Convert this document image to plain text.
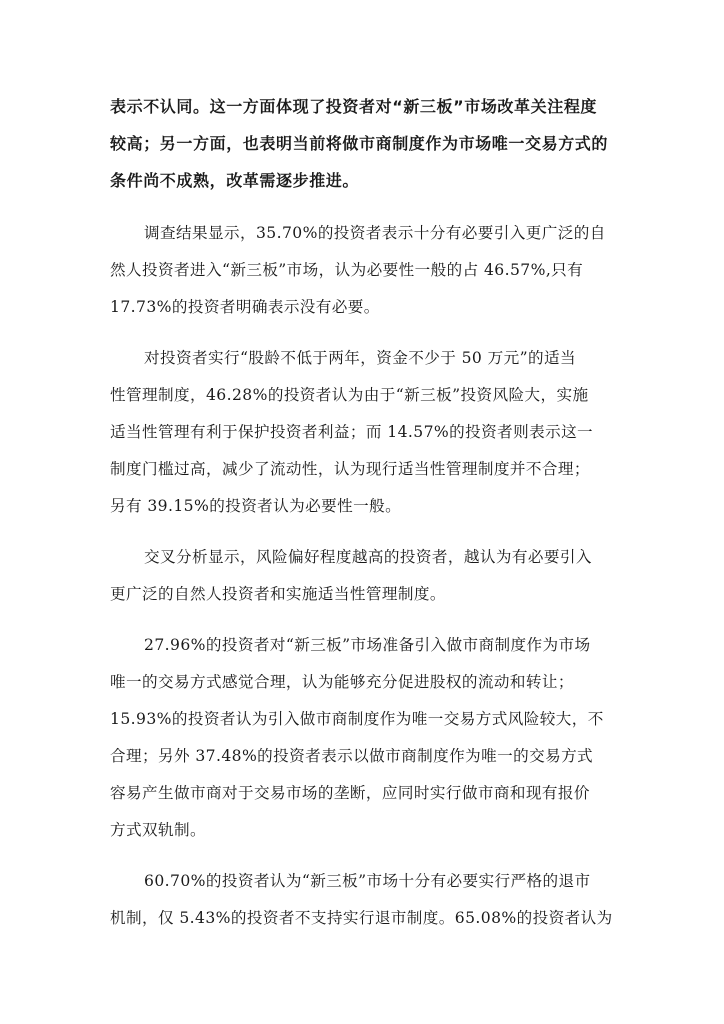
表示不认同。这一方面体现了投资者对“新三板”市场改革关注程度
较高；另一方面，也表明当前将做市商制度作为市场唯一交易方式的
条件尚不成熟，改革需逐步推进。
调查结果显示，35.70%的投资者表示十分有必要引入更广泛的自
然人投资者进入“新三板”市场，认为必要性一般的占 46.57%,只有
17.73%的投资者明确表示没有必要。
对投资者实行“股龄不低于两年，资金不少于 50 万元”的适当
性管理制度，46.28%的投资者认为由于“新三板”投资风险大，实施
适当性管理有利于保护投资者利益；而 14.57%的投资者则表示这一
制度门槛过高，减少了流动性，认为现行适当性管理制度并不合理；
另有 39.15%的投资者认为必要性一般。
交叉分析显示，风险偏好程度越高的投资者，越认为有必要引入
更广泛的自然人投资者和实施适当性管理制度。
27.96%的投资者对“新三板”市场准备引入做市商制度作为市场
唯一的交易方式感觉合理，认为能够充分促进股权的流动和转让；
15.93%的投资者认为引入做市商制度作为唯一交易方式风险较大，不
合理；另外 37.48%的投资者表示以做市商制度作为唯一的交易方式
容易产生做市商对于交易市场的垄断，应同时实行做市商和现有报价
方式双轨制。
60.70%的投资者认为“新三板”市场十分有必要实行严格的退市
机制，仅 5.43%的投资者不支持实行退市制度。65.08%的投资者认为
